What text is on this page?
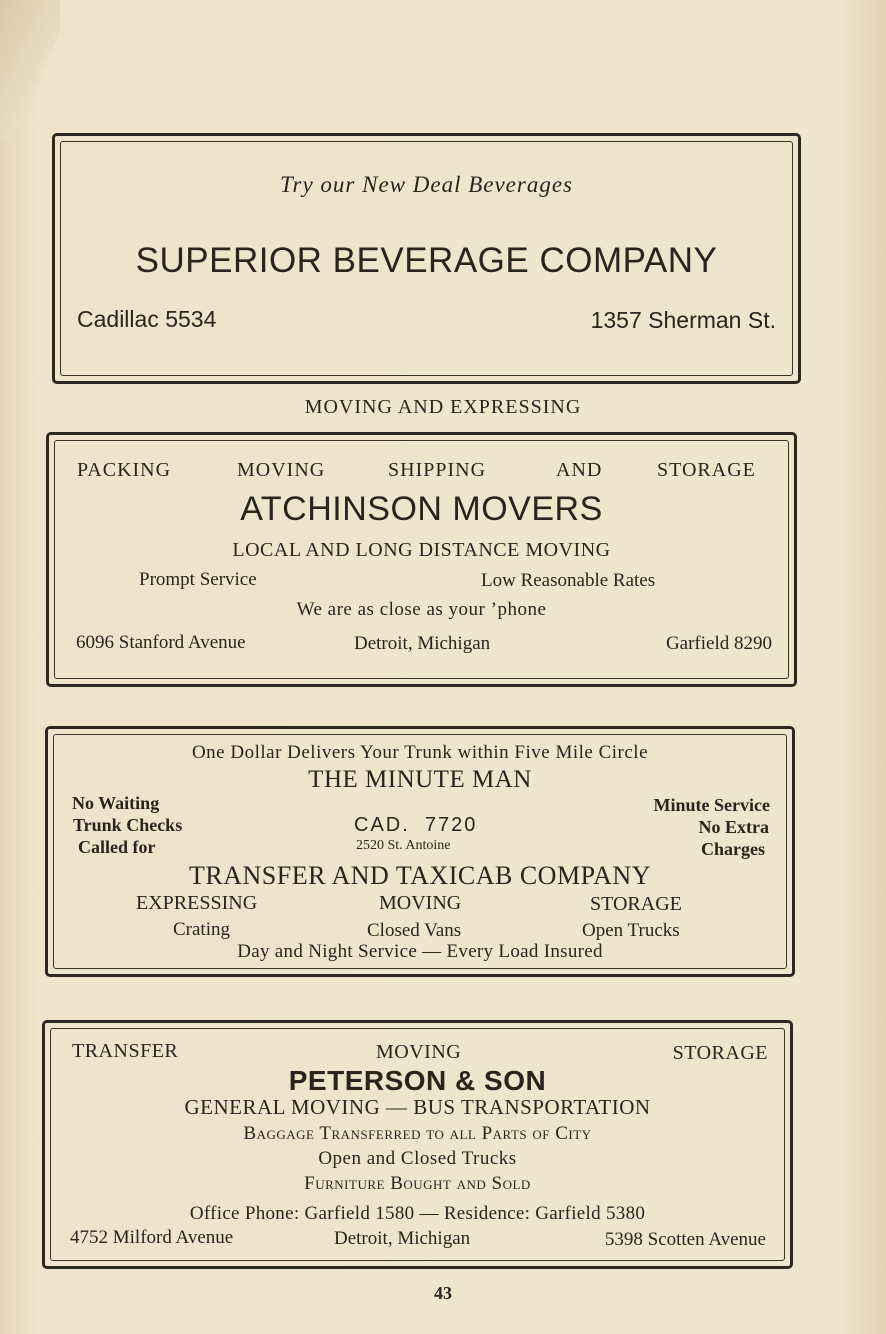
Try our New Deal Beverages
SUPERIOR BEVERAGE COMPANY
Cadillac 5534	1357 Sherman St.
MOVING AND EXPRESSING
PACKING	MOVING	SHIPPING	AND	STORAGE
ATCHINSON MOVERS
LOCAL AND LONG DISTANCE MOVING
Prompt Service	Low Reasonable Rates
We are as close as your ’phone
6096 Stanford Avenue	Detroit, Michigan	Garfield 8290
One Dollar Delivers Your Trunk within Five Mile Circle
THE MINUTE MAN
No Waiting
Trunk Checks
Called for
CAD.  7720
2520 St. Antoine
Minute Service
No Extra
Charges
TRANSFER AND TAXICAB COMPANY
EXPRESSING	MOVING	STORAGE
Crating	Closed Vans	Open Trucks
Day and Night Service — Every Load Insured
TRANSFER	MOVING	STORAGE
PETERSON & SON
GENERAL MOVING — BUS TRANSPORTATION
Baggage Transferred to all Parts of City
Open and Closed Trucks
Furniture Bought and Sold
Office Phone: Garfield 1580 — Residence: Garfield 5380
4752 Milford Avenue	Detroit, Michigan	5398 Scotten Avenue
43
